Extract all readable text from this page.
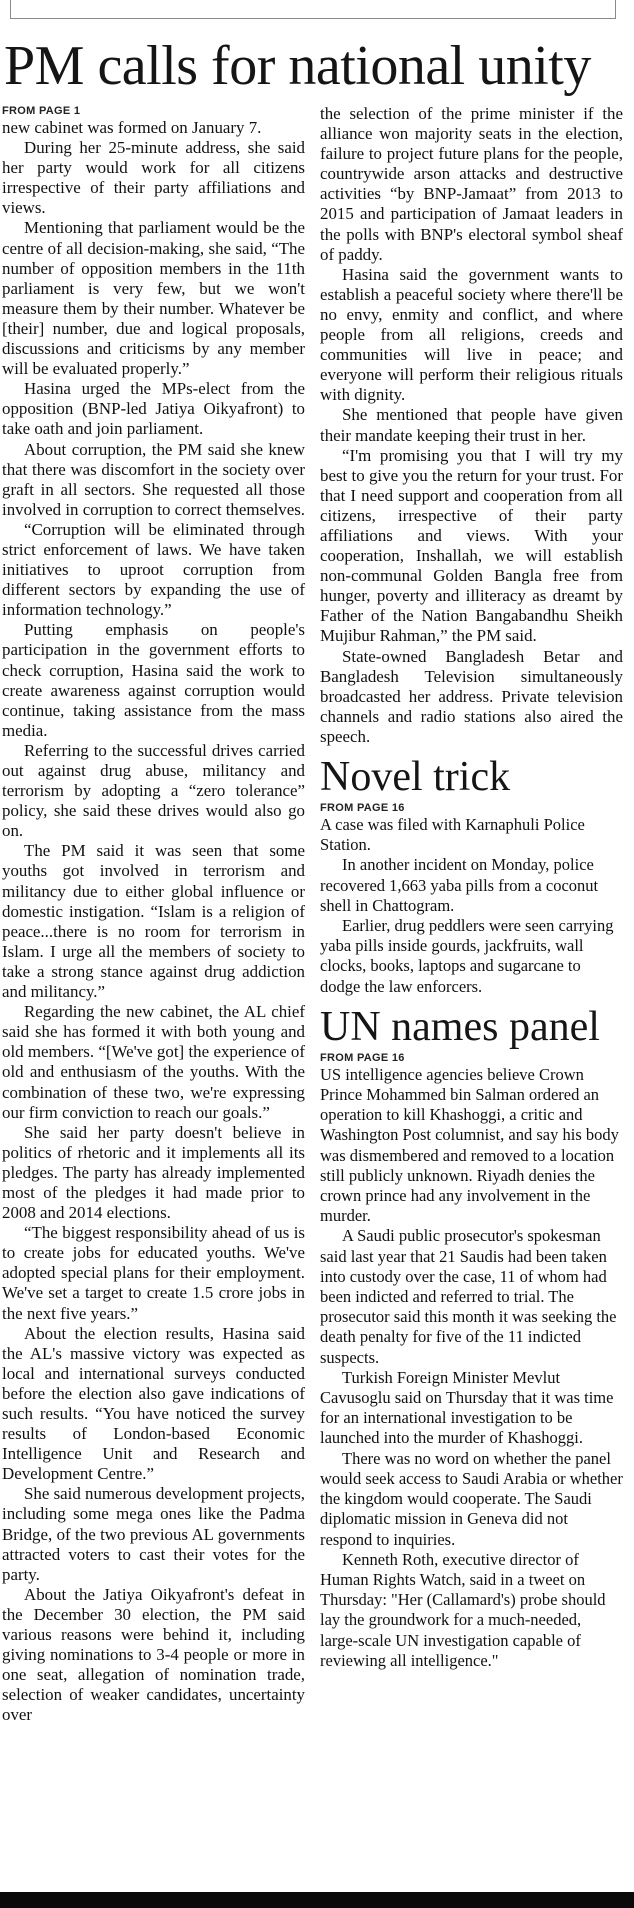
PM calls for national unity

FROM PAGE 1

new cabinet was formed on January 7.

During her 25-minute address, she said her party would work for all citizens irrespective of their party affiliations and views.

Mentioning that parliament would be the centre of all decision-making, she said, “The number of opposition members in the 11th parliament is very few, but we won't measure them by their number. Whatever be [their] number, due and logical proposals, discussions and criticisms by any member will be evaluated properly.”

Hasina urged the MPs-elect from the opposition (BNP-led Jatiya Oikyafront) to take oath and join parliament.

About corruption, the PM said she knew that there was discomfort in the society over graft in all sectors. She requested all those involved in corruption to correct themselves.

“Corruption will be eliminated through strict enforcement of laws. We have taken initiatives to uproot corruption from different sectors by expanding the use of information technology.”

Putting emphasis on people's participation in the government efforts to check corruption, Hasina said the work to create awareness against corruption would continue, taking assistance from the mass media.

Referring to the successful drives carried out against drug abuse, militancy and terrorism by adopting a “zero tolerance” policy, she said these drives would also go on.

The PM said it was seen that some youths got involved in terrorism and militancy due to either global influence or domestic instigation. “Islam is a religion of peace...there is no room for terrorism in Islam. I urge all the members of society to take a strong stance against drug addiction and militancy.”

Regarding the new cabinet, the AL chief said she has formed it with both young and old members. “[We've got] the experience of old and enthusiasm of the youths. With the combination of these two, we're expressing our firm conviction to reach our goals.”

She said her party doesn't believe in politics of rhetoric and it implements all its pledges. The party has already implemented most of the pledges it had made prior to 2008 and 2014 elections.

“The biggest responsibility ahead of us is to create jobs for educated youths. We've adopted special plans for their employment. We've set a target to create 1.5 crore jobs in the next five years.”

About the election results, Hasina said the AL's massive victory was expected as local and international surveys conducted before the election also gave indications of such results. “You have noticed the survey results of London-based Economic Intelligence Unit and Research and Development Centre.”

She said numerous development projects, including some mega ones like the Padma Bridge, of the two previous AL governments attracted voters to cast their votes for the party.

About the Jatiya Oikyafront's defeat in the December 30 election, the PM said various reasons were behind it, including giving nominations to 3-4 people or more in one seat, allegation of nomination trade, selection of weaker candidates, uncertainty over

the selection of the prime minister if the alliance won majority seats in the election, failure to project future plans for the people, countrywide arson attacks and destructive activities “by BNP-Jamaat” from 2013 to 2015 and participation of Jamaat leaders in the polls with BNP's electoral symbol sheaf of paddy.

Hasina said the government wants to establish a peaceful society where there'll be no envy, enmity and conflict, and where people from all religions, creeds and communities will live in peace; and everyone will perform their religious rituals with dignity.

She mentioned that people have given their mandate keeping their trust in her.

“I'm promising you that I will try my best to give you the return for your trust. For that I need support and cooperation from all citizens, irrespective of their party affiliations and views. With your cooperation, Inshallah, we will establish non-communal Golden Bangla free from hunger, poverty and illiteracy as dreamt by Father of the Nation Bangabandhu Sheikh Mujibur Rahman,” the PM said.

State-owned Bangladesh Betar and Bangladesh Television simultaneously broadcasted her address. Private television channels and radio stations also aired the speech.

Novel trick

FROM PAGE 16

A case was filed with Karnaphuli Police Station.

In another incident on Monday, police recovered 1,663 yaba pills from a coconut shell in Chattogram.

Earlier, drug peddlers were seen carrying yaba pills inside gourds, jackfruits, wall clocks, books, laptops and sugarcane to dodge the law enforcers.

UN names panel

FROM PAGE 16

US intelligence agencies believe Crown Prince Mohammed bin Salman ordered an operation to kill Khashoggi, a critic and Washington Post columnist, and say his body was dismembered and removed to a location still publicly unknown. Riyadh denies the crown prince had any involvement in the murder.

A Saudi public prosecutor's spokesman said last year that 21 Saudis had been taken into custody over the case, 11 of whom had been indicted and referred to trial. The prosecutor said this month it was seeking the death penalty for five of the 11 indicted suspects.

Turkish Foreign Minister Mevlut Cavusoglu said on Thursday that it was time for an international investigation to be launched into the murder of Khashoggi.

There was no word on whether the panel would seek access to Saudi Arabia or whether the kingdom would cooperate. The Saudi diplomatic mission in Geneva did not respond to inquiries.

Kenneth Roth, executive director of Human Rights Watch, said in a tweet on Thursday: "Her (Callamard's) probe should lay the groundwork for a much-needed, large-scale UN investigation capable of reviewing all intelligence."
